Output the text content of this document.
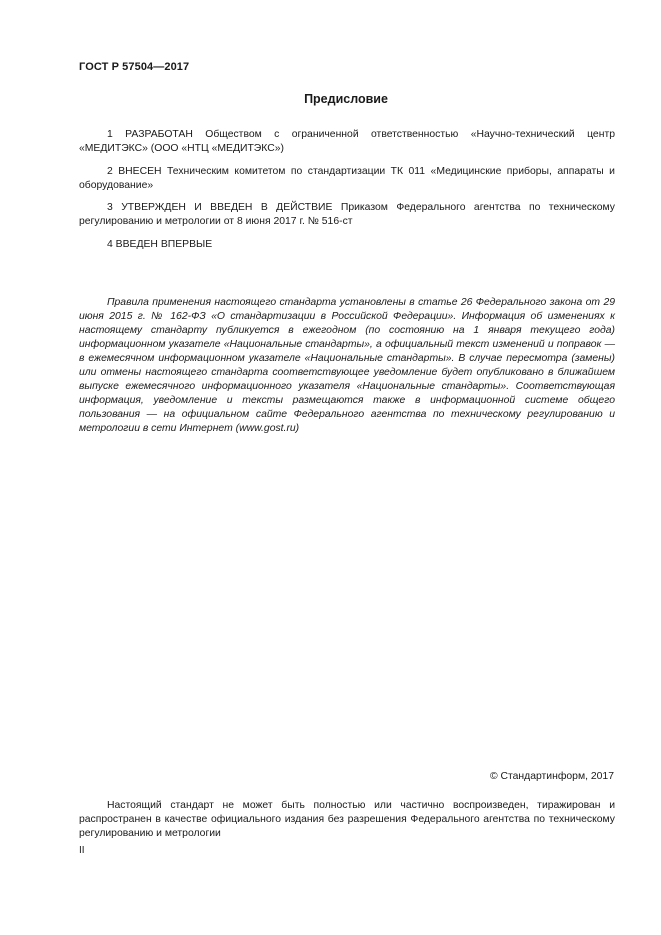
ГОСТ Р 57504—2017
Предисловие
1 РАЗРАБОТАН Обществом с ограниченной ответственностью «Научно-технический центр «МЕДИТЭКС» (ООО «НТЦ «МЕДИТЭКС»)
2 ВНЕСЕН Техническим комитетом по стандартизации ТК 011 «Медицинские приборы, аппараты и оборудование»
3 УТВЕРЖДЕН И ВВЕДЕН В ДЕЙСТВИЕ Приказом Федерального агентства по техническому регулированию и метрологии от 8 июня 2017 г. № 516-ст
4 ВВЕДЕН ВПЕРВЫЕ
Правила применения настоящего стандарта установлены в статье 26 Федерального закона от 29 июня 2015 г. № 162-ФЗ «О стандартизации в Российской Федерации». Информация об изменениях к настоящему стандарту публикуется в ежегодном (по состоянию на 1 января текущего года) информационном указателе «Национальные стандарты», а официальный текст изменений и поправок — в ежемесячном информационном указателе «Национальные стандарты». В случае пересмотра (замены) или отмены настоящего стандарта соответствующее уведомление будет опубликовано в ближайшем выпуске ежемесячного информационного указателя «Национальные стандарты». Соответствующая информация, уведомление и тексты размещаются также в информационной системе общего пользования — на официальном сайте Федерального агентства по техническому регулированию и метрологии в сети Интернет (www.gost.ru)
© Стандартинформ, 2017
Настоящий стандарт не может быть полностью или частично воспроизведен, тиражирован и распространен в качестве официального издания без разрешения Федерального агентства по техническому регулированию и метрологии
II
